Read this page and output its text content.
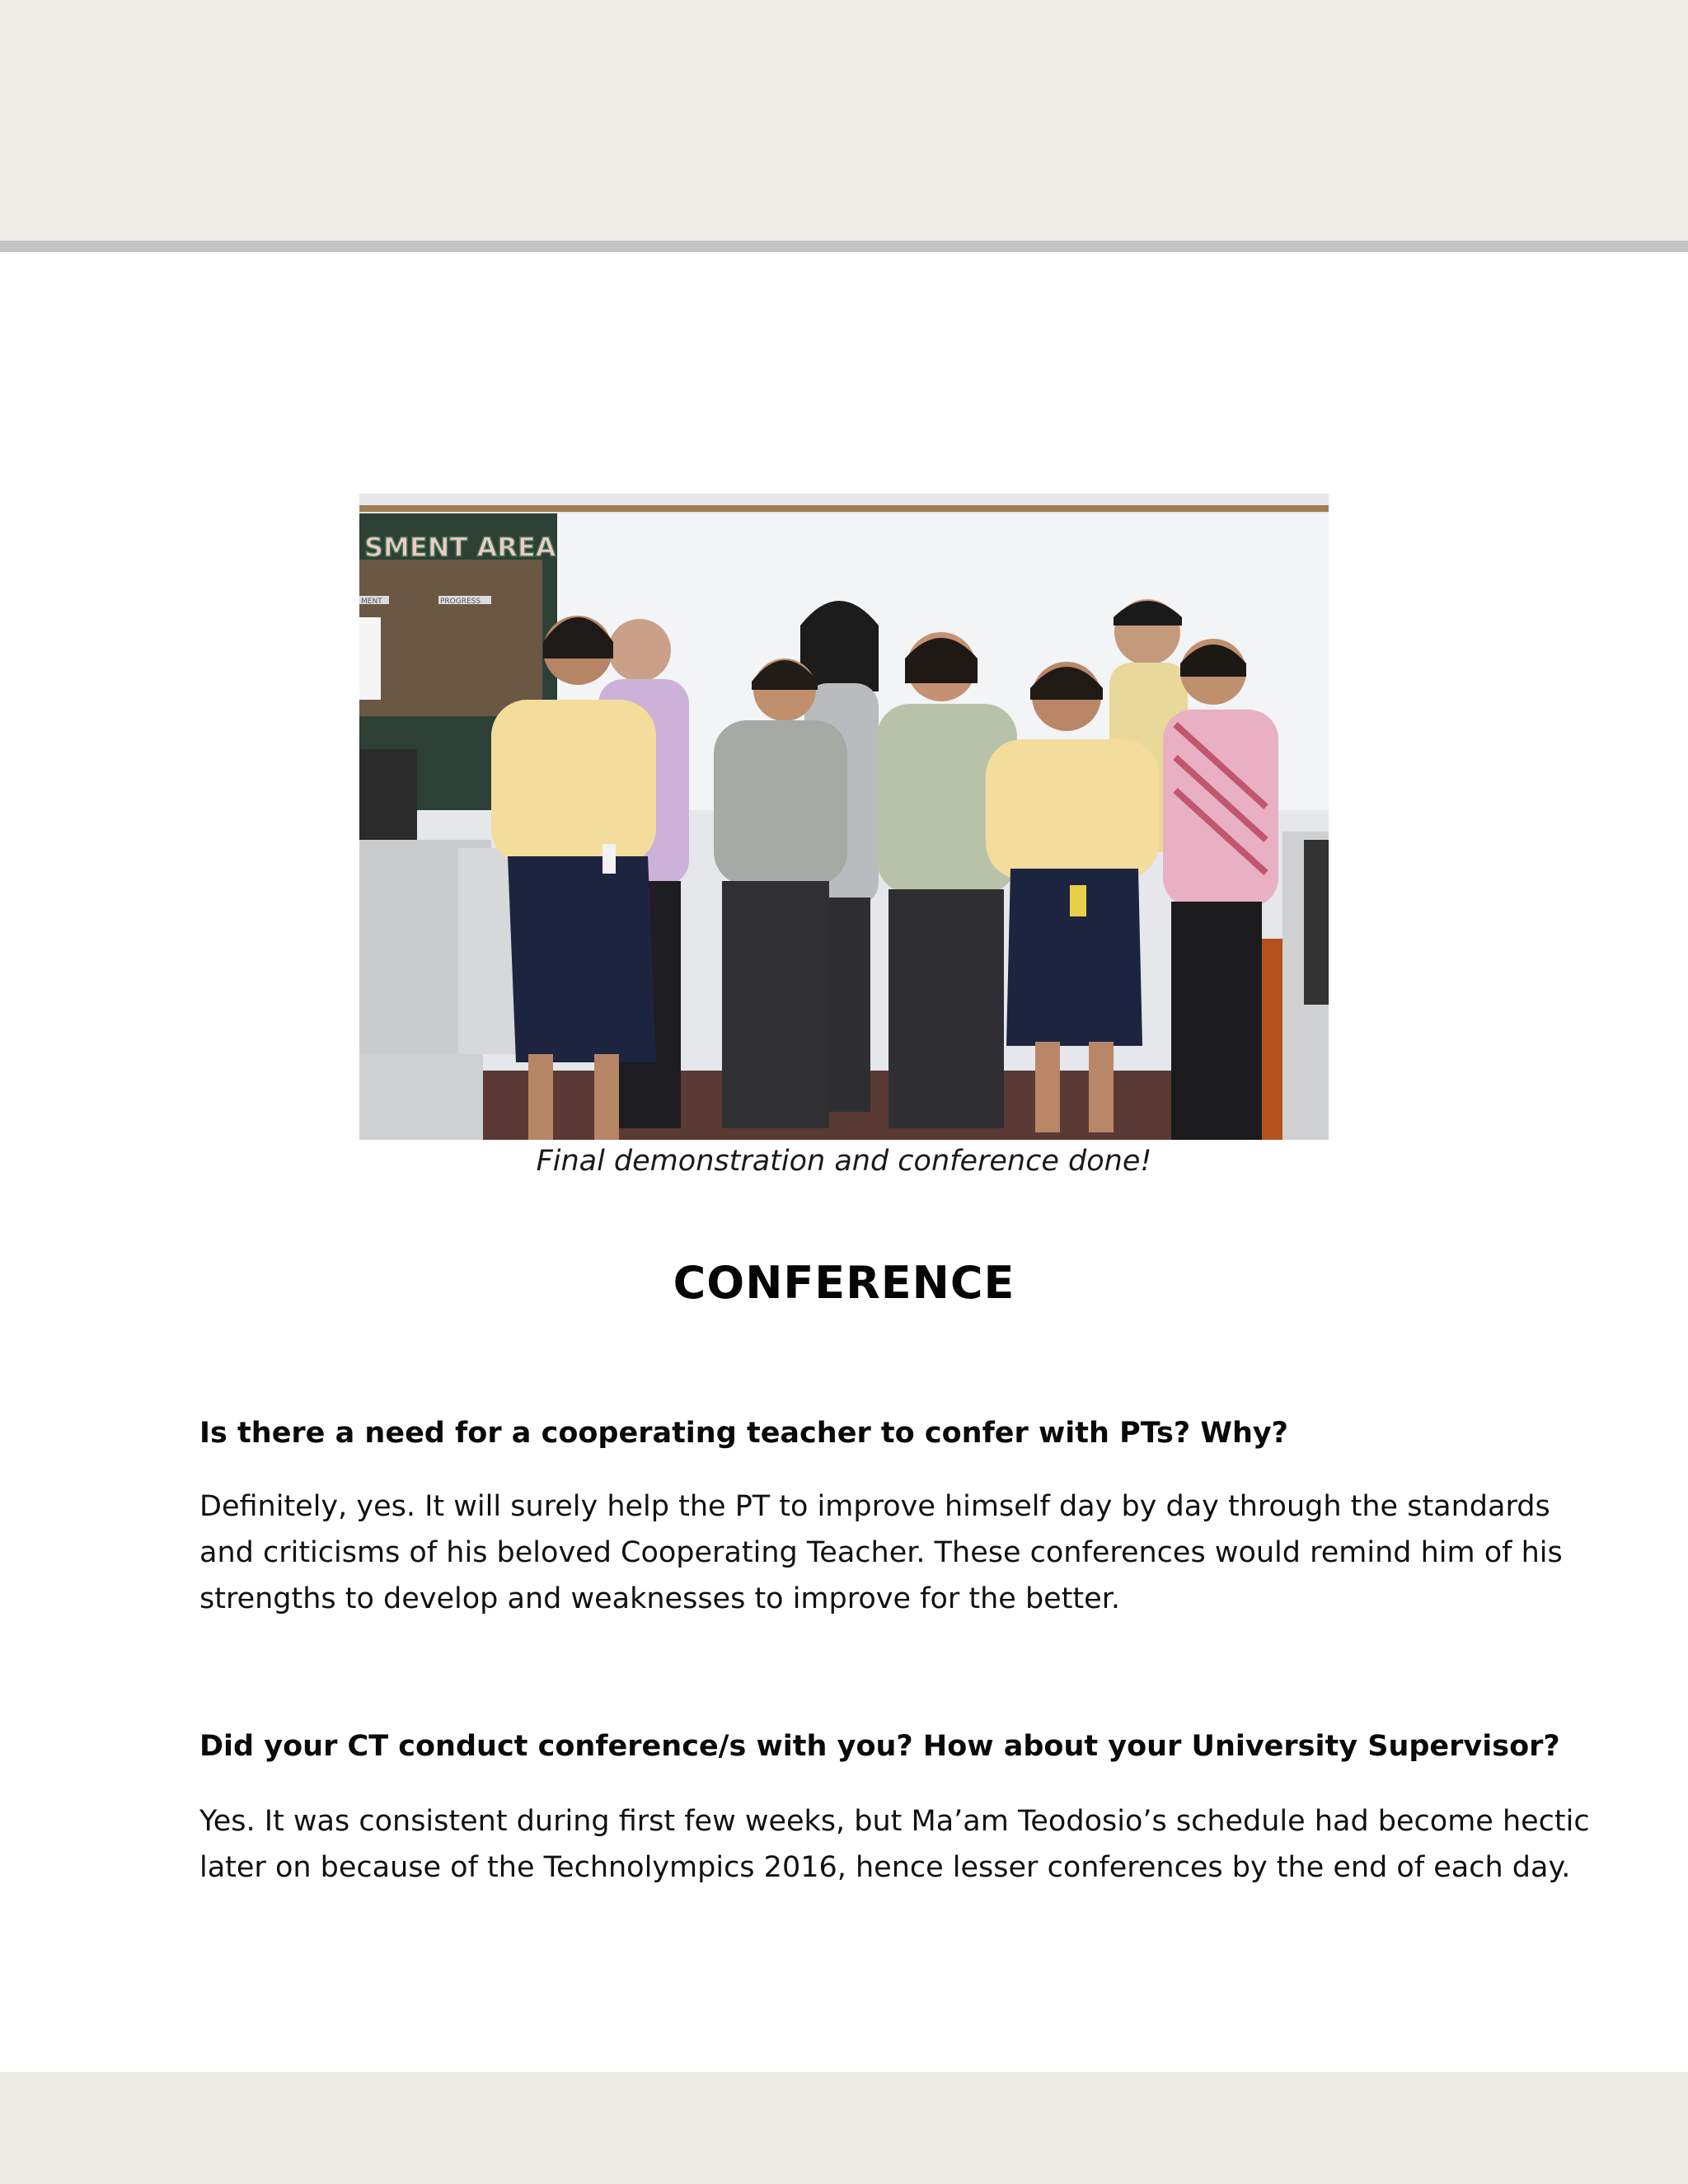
SMENT AREA
MENT	PROGRESS
Final demonstration and conference done!
CONFERENCE
Is there a need for a cooperating teacher to confer with PTs? Why?
Definitely, yes. It will surely help the PT to improve himself day by day through the standards
and criticisms of his beloved Cooperating Teacher. These conferences would remind him of his
strengths to develop and weaknesses to improve for the better.
Did your CT conduct conference/s with you? How about your University Supervisor?
Yes. It was consistent during first few weeks, but Ma’am Teodosio’s schedule had become hectic
later on because of the Technolympics 2016, hence lesser conferences by the end of each day.
